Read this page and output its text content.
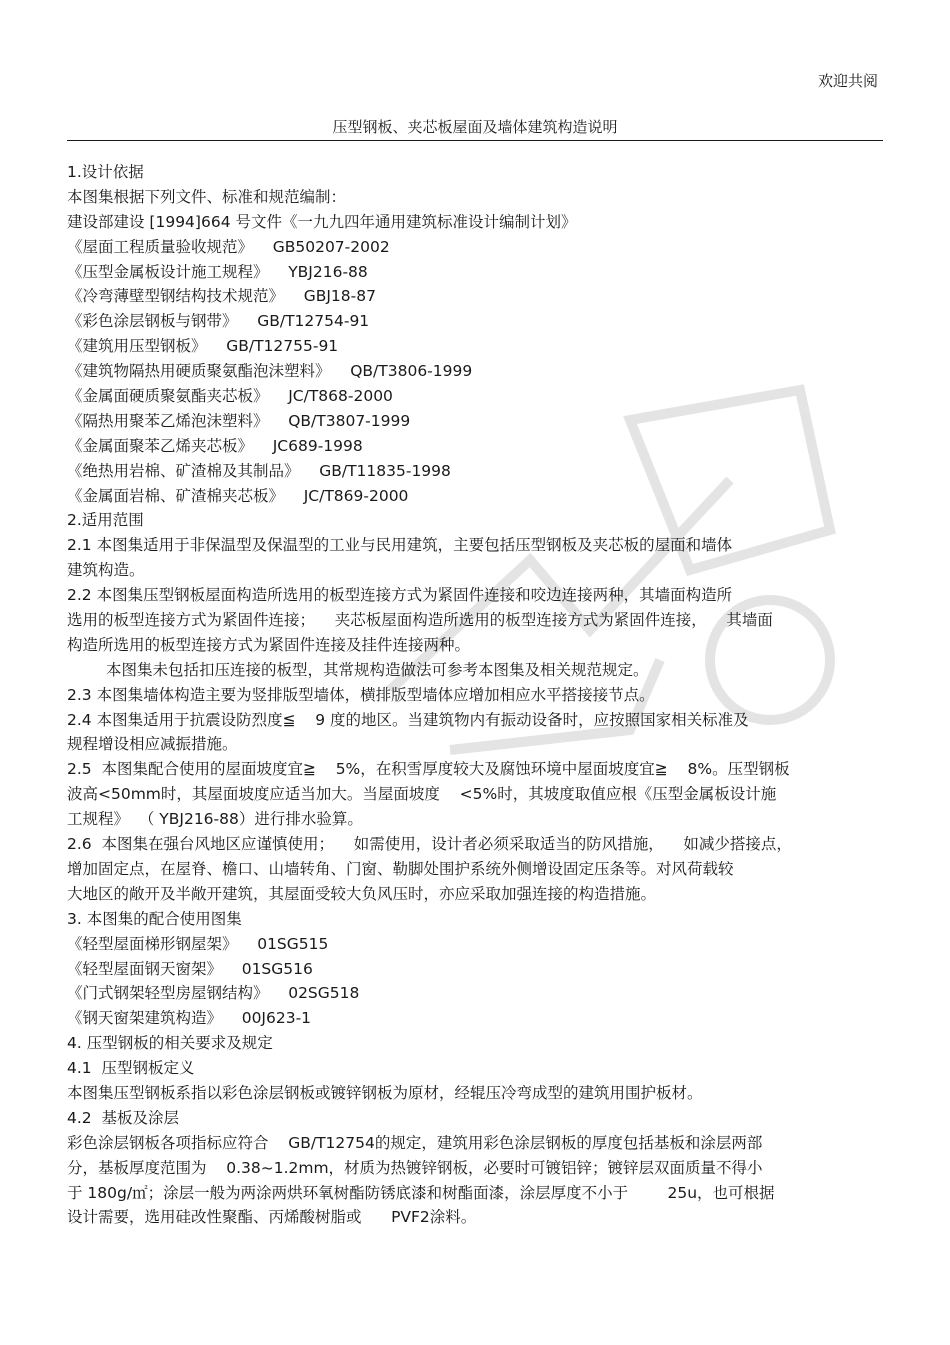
欢迎共阅
压型钢板、夹芯板屋面及墙体建筑构造说明
1.设计依据
本图集根据下列文件、标准和规范编制：
建设部建设 [1994]664 号文件《一九九四年通用建筑标准设计编制计划》
《屋面工程质量验收规范》    GB50207-2002
《压型金属板设计施工规程》    YBJ216-88
《冷弯薄壁型钢结构技术规范》    GBJ18-87
《彩色涂层钢板与钢带》    GB/T12754-91
《建筑用压型钢板》    GB/T12755-91
《建筑物隔热用硬质聚氨酯泡沫塑料》    QB/T3806-1999
《金属面硬质聚氨酯夹芯板》    JC/T868-2000
《隔热用聚苯乙烯泡沫塑料》    QB/T3807-1999
《金属面聚苯乙烯夹芯板》    JC689-1998
《绝热用岩棉、矿渣棉及其制品》    GB/T11835-1998
《金属面岩棉、矿渣棉夹芯板》    JC/T869-2000
2.适用范围
2.1 本图集适用于非保温型及保温型的工业与民用建筑，主要包括压型钢板及夹芯板的屋面和墙体
建筑构造。
2.2 本图集压型钢板屋面构造所选用的板型连接方式为紧固件连接和咬边连接两种，其墙面构造所
选用的板型连接方式为紧固件连接；    夹芯板屋面构造所选用的板型连接方式为紧固件连接，    其墙面
构造所选用的板型连接方式为紧固件连接及挂件连接两种。
本图集未包括扣压连接的板型，其常规构造做法可参考本图集及相关规范规定。
2.3 本图集墙体构造主要为竖排版型墙体，横排版型墙体应增加相应水平搭接接节点。
2.4 本图集适用于抗震设防烈度≦    9 度的地区。当建筑物内有振动设备时，应按照国家相关标准及
规程增设相应减振措施。
2.5  本图集配合使用的屋面坡度宜≧    5%，在积雪厚度较大及腐蚀环境中屋面坡度宜≧    8%。压型钢板
波高<50mm时，其屋面坡度应适当加大。当屋面坡度    <5%时，其坡度取值应根《压型金属板设计施
工规程》  （ YBJ216-88）进行排水验算。
2.6  本图集在强台风地区应谨慎使用；    如需使用，设计者必须采取适当的防风措施，    如减少搭接点，
增加固定点，在屋脊、檐口、山墙转角、门窗、勒脚处围护系统外侧增设固定压条等。对风荷载较
大地区的敞开及半敞开建筑，其屋面受较大负风压时，亦应采取加强连接的构造措施。
3. 本图集的配合使用图集
《轻型屋面梯形钢屋架》    01SG515
《轻型屋面钢天窗架》    01SG516
《门式钢架轻型房屋钢结构》    02SG518
《钢天窗架建筑构造》    00J623-1
4. 压型钢板的相关要求及规定
4.1  压型钢板定义
本图集压型钢板系指以彩色涂层钢板或镀锌钢板为原材，经辊压冷弯成型的建筑用围护板材。
4.2  基板及涂层
彩色涂层钢板各项指标应符合    GB/T12754的规定，建筑用彩色涂层钢板的厚度包括基板和涂层两部
分，基板厚度范围为    0.38~1.2mm，材质为热镀锌钢板，必要时可镀铝锌；镀锌层双面质量不得小
于 180g/㎡；涂层一般为两涂两烘环氧树酯防锈底漆和树酯面漆，涂层厚度不小于        25u，也可根据
设计需要，选用硅改性聚酯、丙烯酸树脂或      PVF2涂料。
